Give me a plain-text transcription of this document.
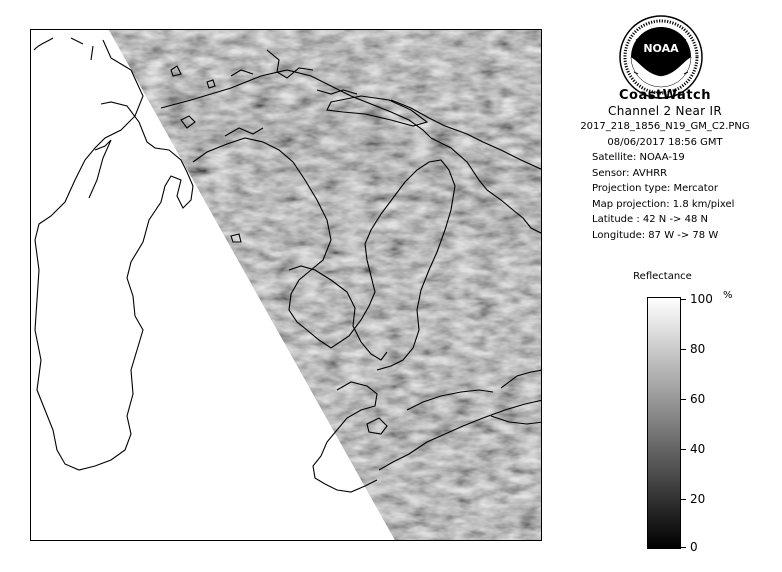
NOAA
CoastWatch
Channel 2 Near IR
2017_218_1856_N19_GM_C2.PNG
08/06/2017 18:56 GMT
Satellite: NOAA-19
Sensor: AVHRR
Projection type: Mercator
Map projection: 1.8 km/pixel
Latitude : 42 N -> 48 N
Longitude: 87 W -> 78 W
Reflectance
%
100
80
60
40
20
0
